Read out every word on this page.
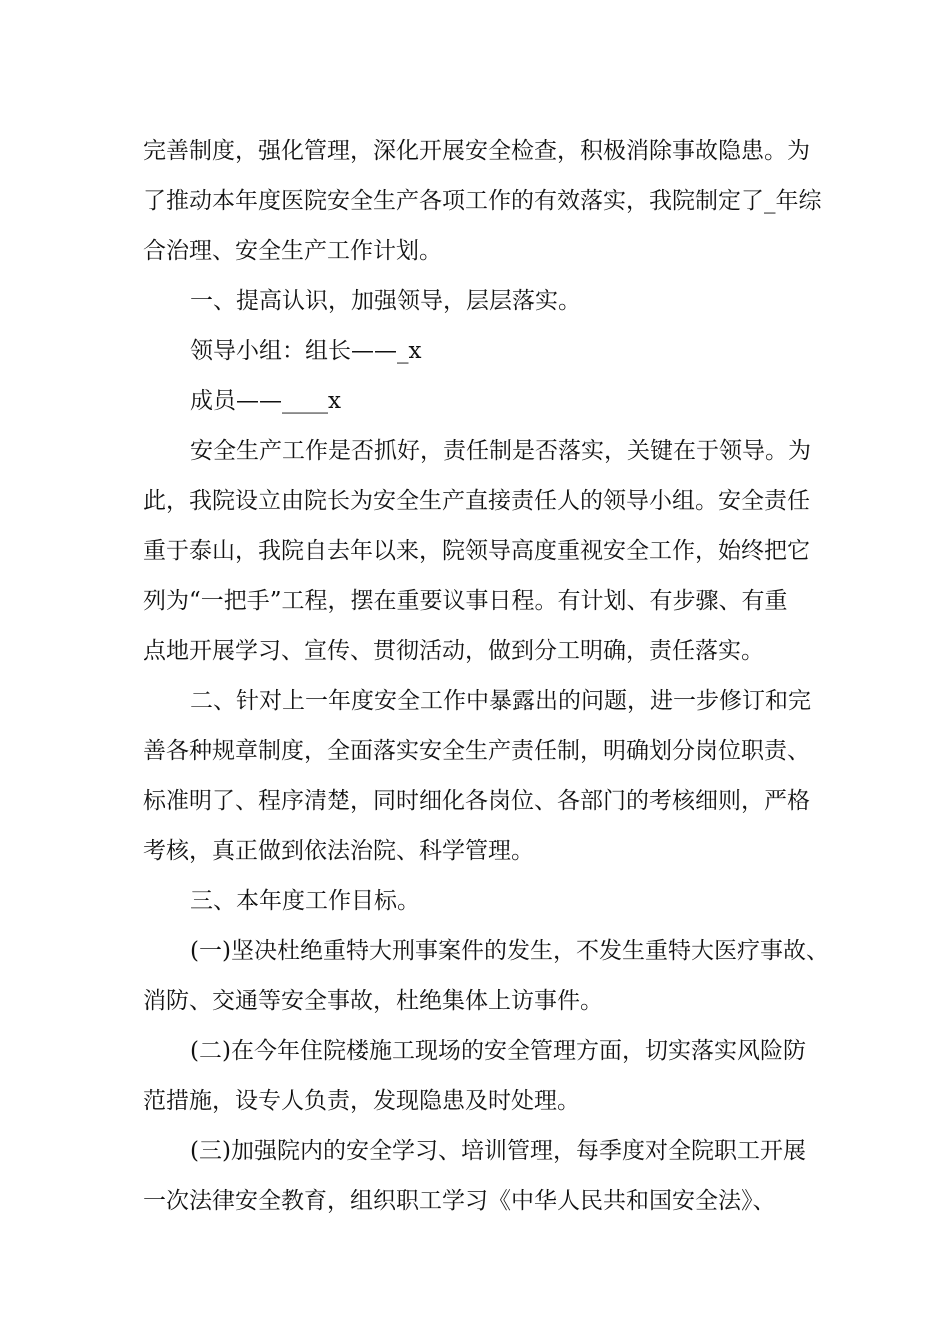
完善制度，强化管理，深化开展安全检查，积极消除事故隐患。为
了推动本年度医院安全生产各项工作的有效落实，我院制定了_年综
合治理、安全生产工作计划。
一、提高认识，加强领导，层层落实。
领导小组：组长——_x
成员——____x
安全生产工作是否抓好，责任制是否落实，关键在于领导。为
此，我院设立由院长为安全生产直接责任人的领导小组。安全责任
重于泰山，我院自去年以来，院领导高度重视安全工作，始终把它
列为“一把手”工程，摆在重要议事日程。有计划、有步骤、有重
点地开展学习、宣传、贯彻活动，做到分工明确，责任落实。
二、针对上一年度安全工作中暴露出的问题，进一步修订和完
善各种规章制度，全面落实安全生产责任制，明确划分岗位职责、
标准明了、程序清楚，同时细化各岗位、各部门的考核细则，严格
考核，真正做到依法治院、科学管理。
三、本年度工作目标。
(一)坚决杜绝重特大刑事案件的发生，不发生重特大医疗事故、
消防、交通等安全事故，杜绝集体上访事件。
(二)在今年住院楼施工现场的安全管理方面，切实落实风险防
范措施，设专人负责，发现隐患及时处理。
(三)加强院内的安全学习、培训管理，每季度对全院职工开展
一次法律安全教育，组织职工学习《中华人民共和国安全法》、
